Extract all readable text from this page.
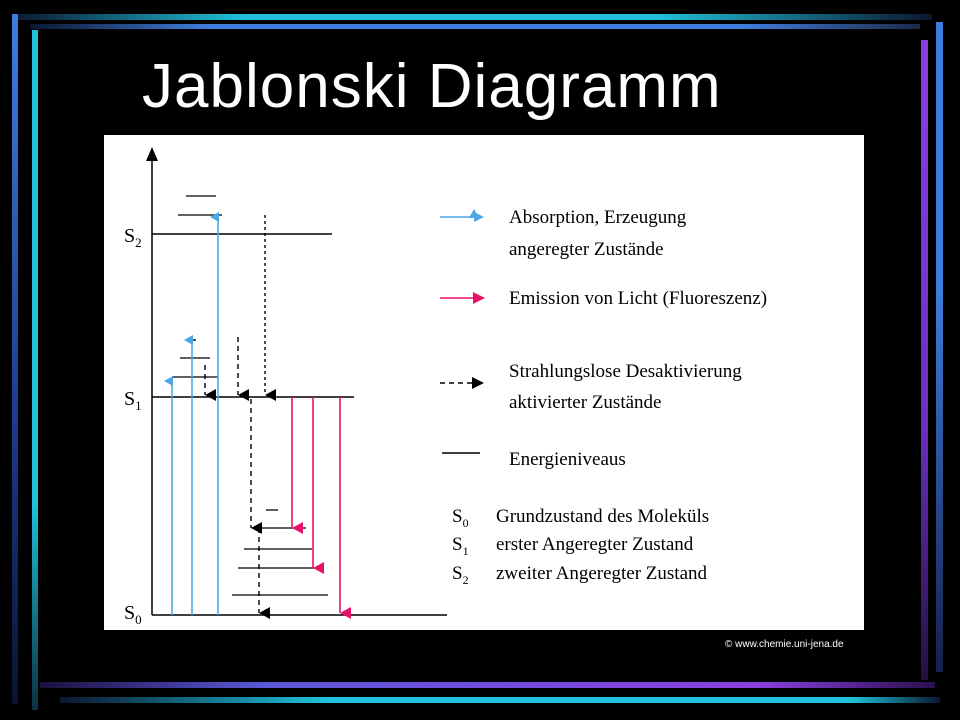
Jablonski Diagramm
$S_2$
$S_1$
$S_0$
Absorption, Erzeugung angeregter Zustände
Emission von Licht (Fluoreszenz)
Strahlungslose Desaktivierung aktivierter Zustände
Energieniveaus
$S_0$ Grundzustand des Moleküls
$S_1$ erster Angeregter Zustand
$S_2$ zweiter Angeregter Zustand
© www.chemie.uni-jena.de
